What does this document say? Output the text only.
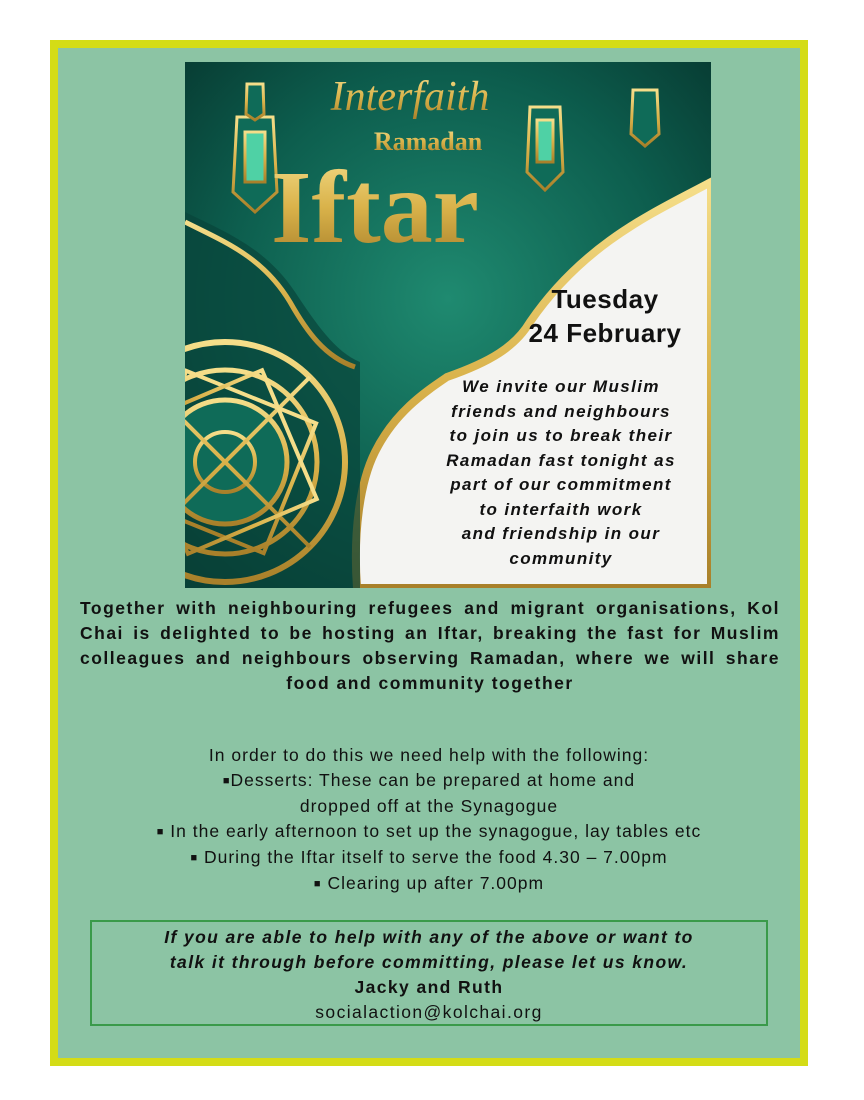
Interfaith
Ramadan
Iftar
Tuesday
24 February
We invite our Muslim
friends and neighbours
to join us to break their
Ramadan fast tonight as
part of our commitment
to interfaith work
and friendship in our
community
Together with neighbouring refugees and migrant organisations, Kol Chai is delighted to be hosting an Iftar, breaking the fast for Muslim colleagues and neighbours observing Ramadan, where we will share food and community together
In order to do this we need help with the following:
■Desserts: These can be prepared at home and
dropped off at the Synagogue
■ In the early afternoon to set up the synagogue, lay tables etc
■ During the Iftar itself to serve the food 4.30 – 7.00pm
■ Clearing up after 7.00pm
If you are able to help with any of the above or want to
talk it through before committing, please let us know.
Jacky and Ruth
socialaction@kolchai.org
